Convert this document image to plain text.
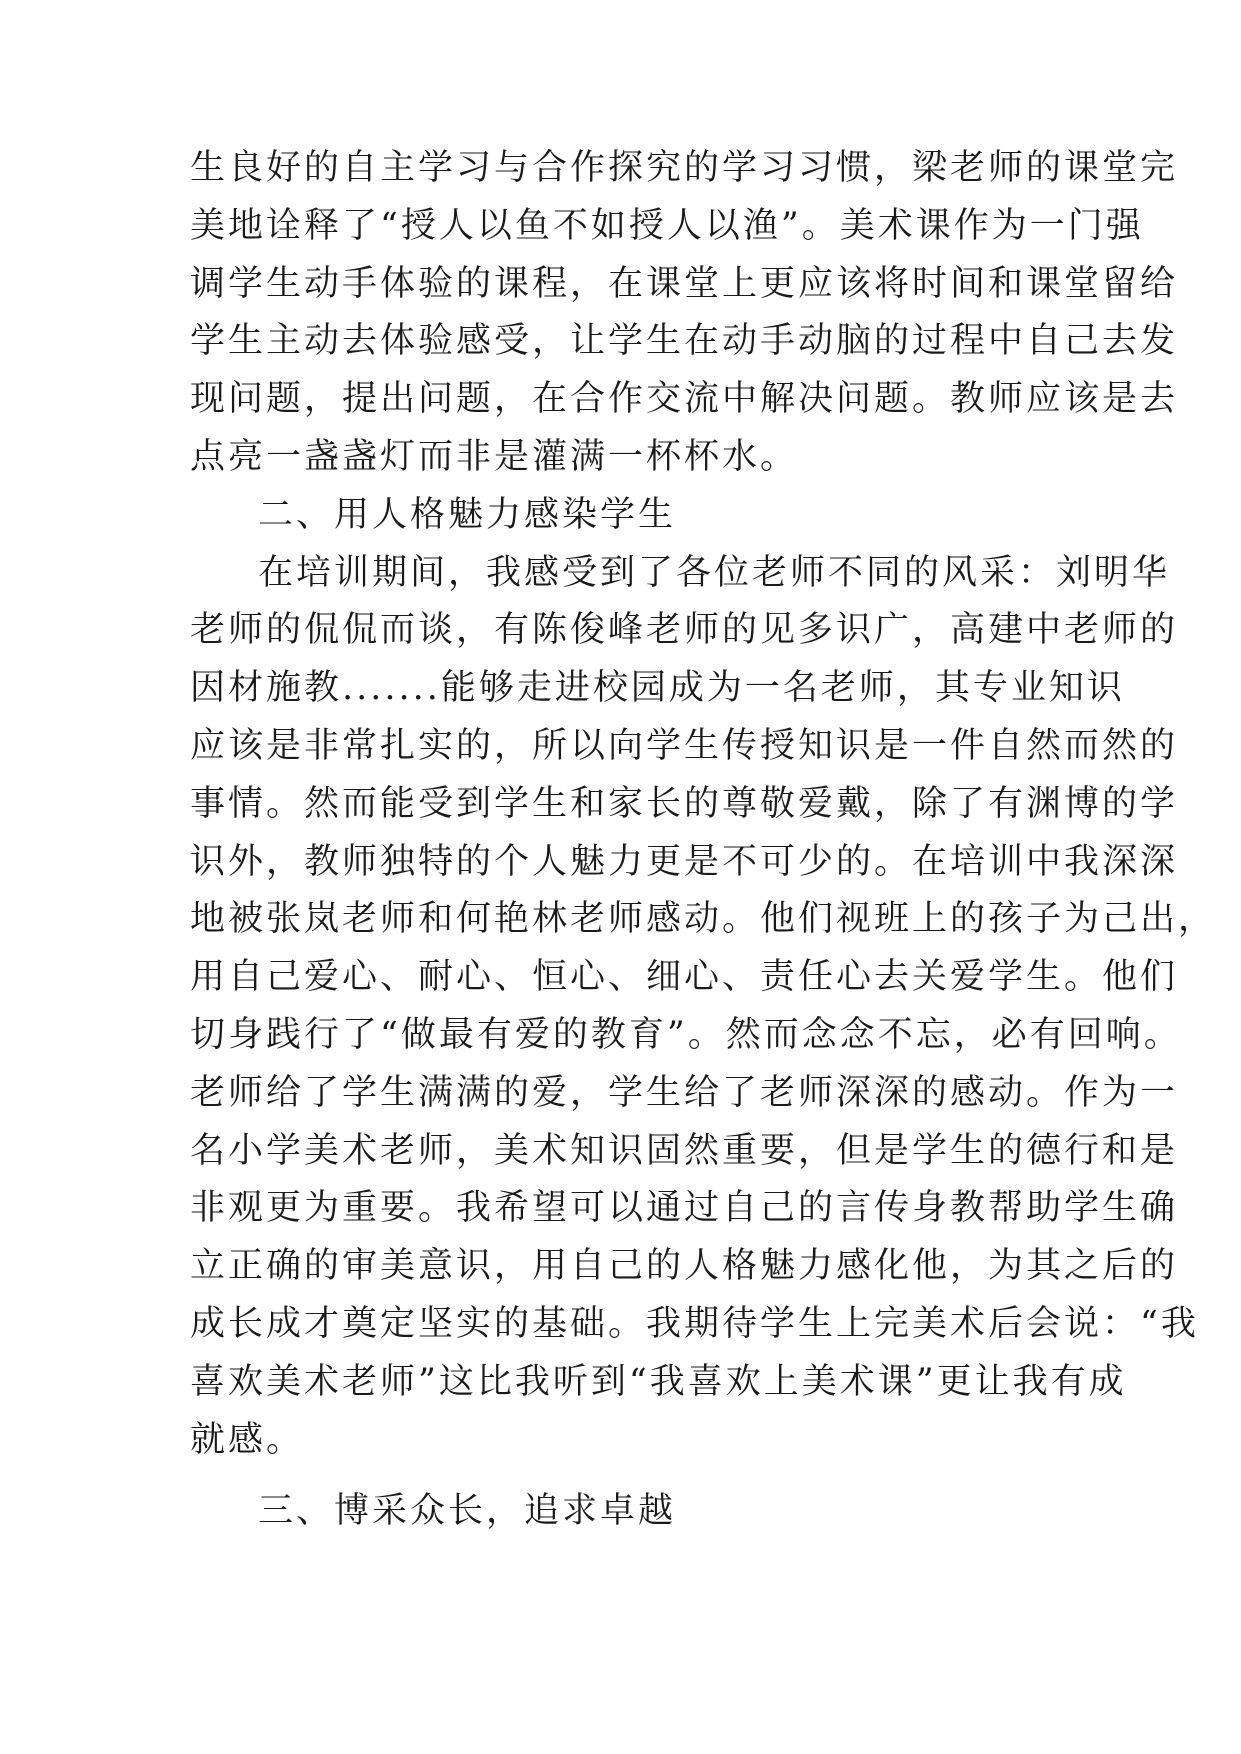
生良好的自主学习与合作探究的学习习惯，梁老师的课堂完
美地诠释了“授人以鱼不如授人以渔”。美术课作为一门强
调学生动手体验的课程，在课堂上更应该将时间和课堂留给
学生主动去体验感受，让学生在动手动脑的过程中自己去发
现问题，提出问题，在合作交流中解决问题。教师应该是去
点亮一盏盏灯而非是灌满一杯杯水。
二、用人格魅力感染学生
在培训期间，我感受到了各位老师不同的风采：刘明华
老师的侃侃而谈，有陈俊峰老师的见多识广，高建中老师的
因材施教.......能够走进校园成为一名老师，其专业知识
应该是非常扎实的，所以向学生传授知识是一件自然而然的
事情。然而能受到学生和家长的尊敬爱戴，除了有渊博的学
识外，教师独特的个人魅力更是不可少的。在培训中我深深
地被张岚老师和何艳林老师感动。他们视班上的孩子为己出，
用自己爱心、耐心、恒心、细心、责任心去关爱学生。他们
切身践行了“做最有爱的教育”。然而念念不忘，必有回响。
老师给了学生满满的爱，学生给了老师深深的感动。作为一
名小学美术老师，美术知识固然重要，但是学生的德行和是
非观更为重要。我希望可以通过自己的言传身教帮助学生确
立正确的审美意识，用自己的人格魅力感化他，为其之后的
成长成才奠定坚实的基础。我期待学生上完美术后会说：“我
喜欢美术老师”这比我听到“我喜欢上美术课”更让我有成
就感。
三、博采众长，追求卓越
